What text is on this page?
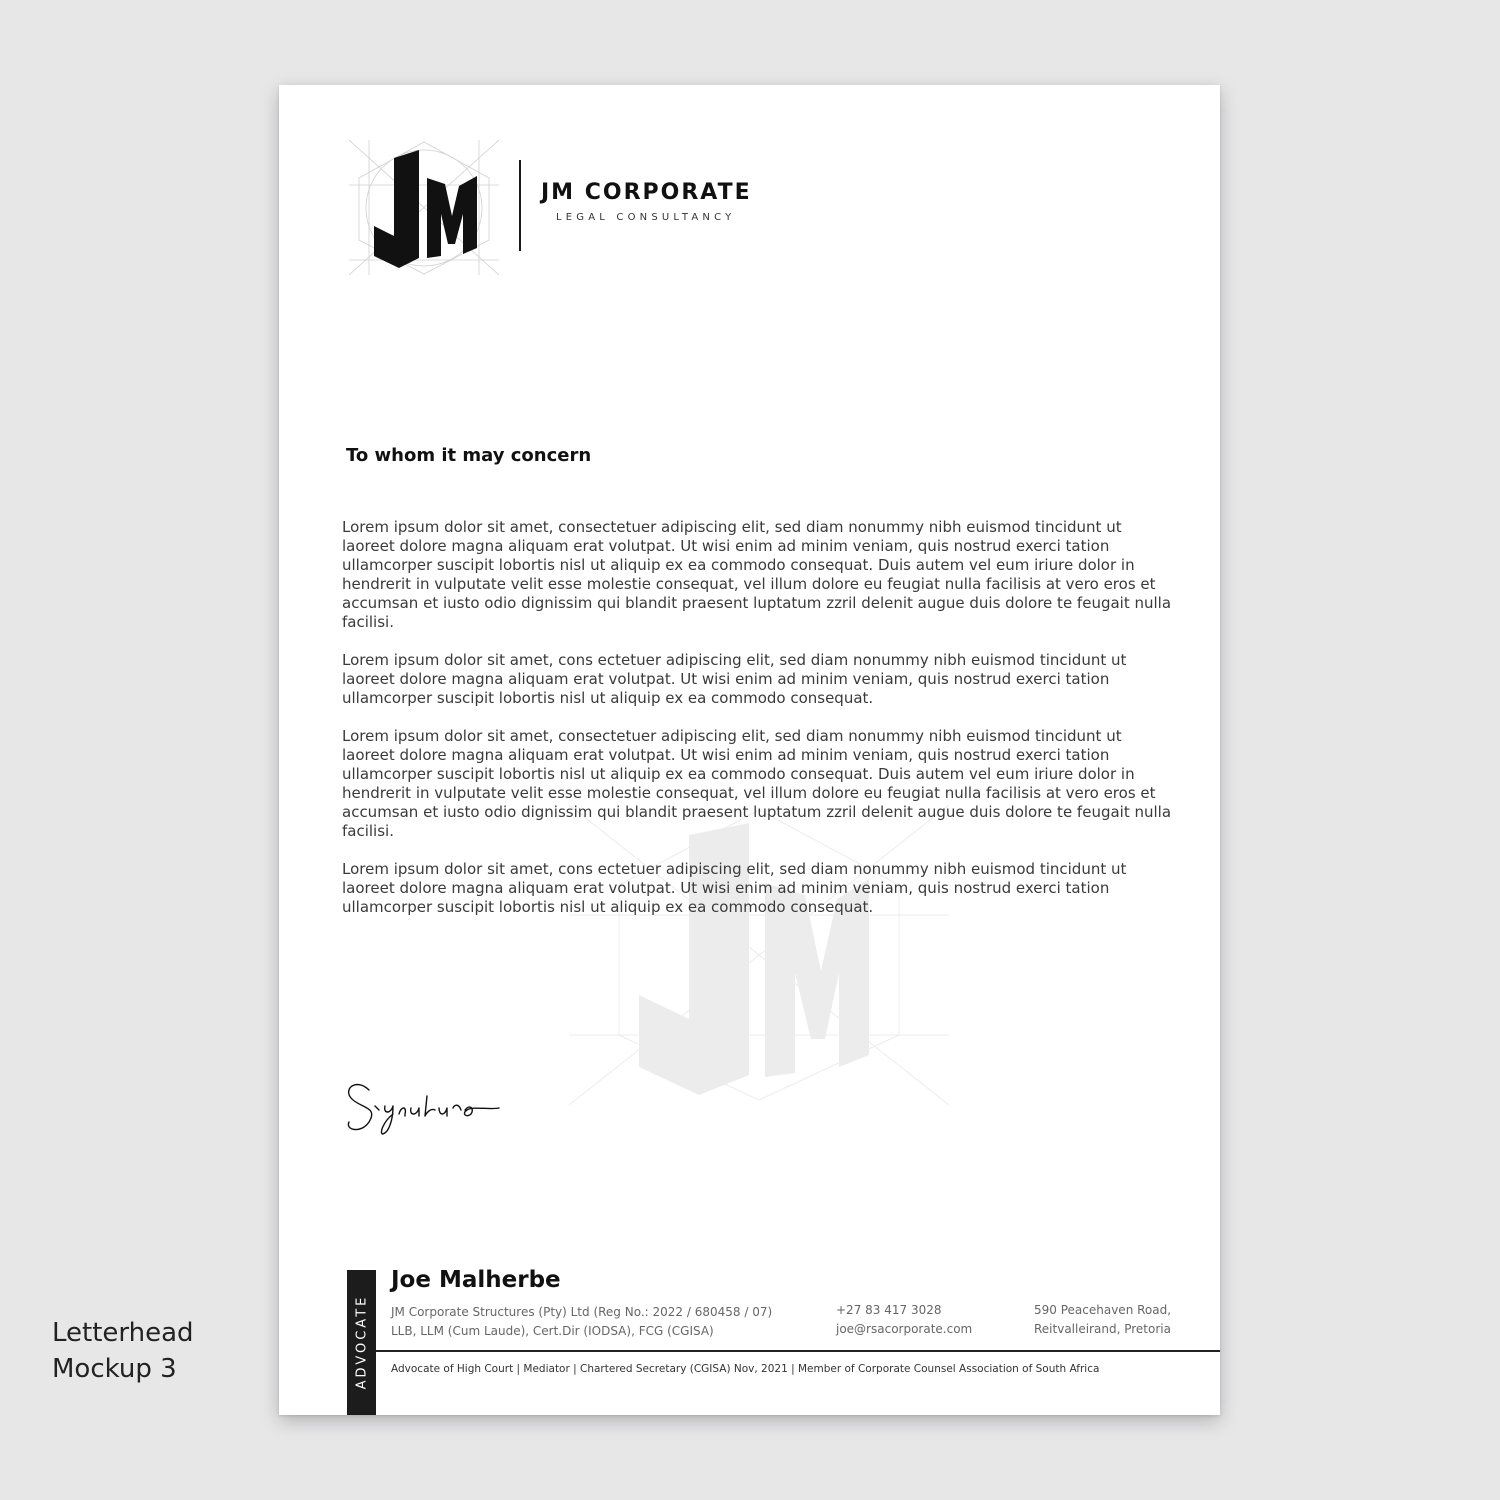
JM CORPORATE
LEGAL CONSULTANCY
To whom it may concern

Lorem ipsum dolor sit amet, consectetuer adipiscing elit, sed diam nonummy nibh euismod tincidunt ut laoreet dolore magna aliquam erat volutpat. Ut wisi enim ad minim veniam, quis nostrud exerci tation ullamcorper suscipit lobortis nisl ut aliquip ex ea commodo consequat. Duis autem vel eum iriure dolor in hendrerit in vulputate velit esse molestie consequat, vel illum dolore eu feugiat nulla facilisis at vero eros et accumsan et iusto odio dignissim qui blandit praesent luptatum zzril delenit augue duis dolore te feugait nulla facilisi.

Lorem ipsum dolor sit amet, cons ectetuer adipiscing elit, sed diam nonummy nibh euismod tincidunt ut laoreet dolore magna aliquam erat volutpat. Ut wisi enim ad minim veniam, quis nostrud exerci tation ullamcorper suscipit lobortis nisl ut aliquip ex ea commodo consequat.

Lorem ipsum dolor sit amet, consectetuer adipiscing elit, sed diam nonummy nibh euismod tincidunt ut laoreet dolore magna aliquam erat volutpat. Ut wisi enim ad minim veniam, quis nostrud exerci tation ullamcorper suscipit lobortis nisl ut aliquip ex ea commodo consequat. Duis autem vel eum iriure dolor in hendrerit in vulputate velit esse molestie consequat, vel illum dolore eu feugiat nulla facilisis at vero eros et accumsan et iusto odio dignissim qui blandit praesent luptatum zzril delenit augue duis dolore te feugait nulla facilisi.

Lorem ipsum dolor sit amet, cons ectetuer adipiscing elit, sed diam nonummy nibh euismod tincidunt ut laoreet dolore magna aliquam erat volutpat. Ut wisi enim ad minim veniam, quis nostrud exerci tation ullamcorper suscipit lobortis nisl ut aliquip ex ea commodo consequat.

ADVOCATE
Joe Malherbe
JM Corporate Structures (Pty) Ltd (Reg No.: 2022 / 680458 / 07)
LLB, LLM (Cum Laude), Cert.Dir (IODSA), FCG (CGISA)
+27 83 417 3028
joe@rsacorporate.com
590 Peacehaven Road,
Reitvalleirand, Pretoria
Advocate of High Court | Mediator | Chartered Secretary (CGISA) Nov, 2021 | Member of Corporate Counsel Association of South Africa
Letterhead
Mockup 3
